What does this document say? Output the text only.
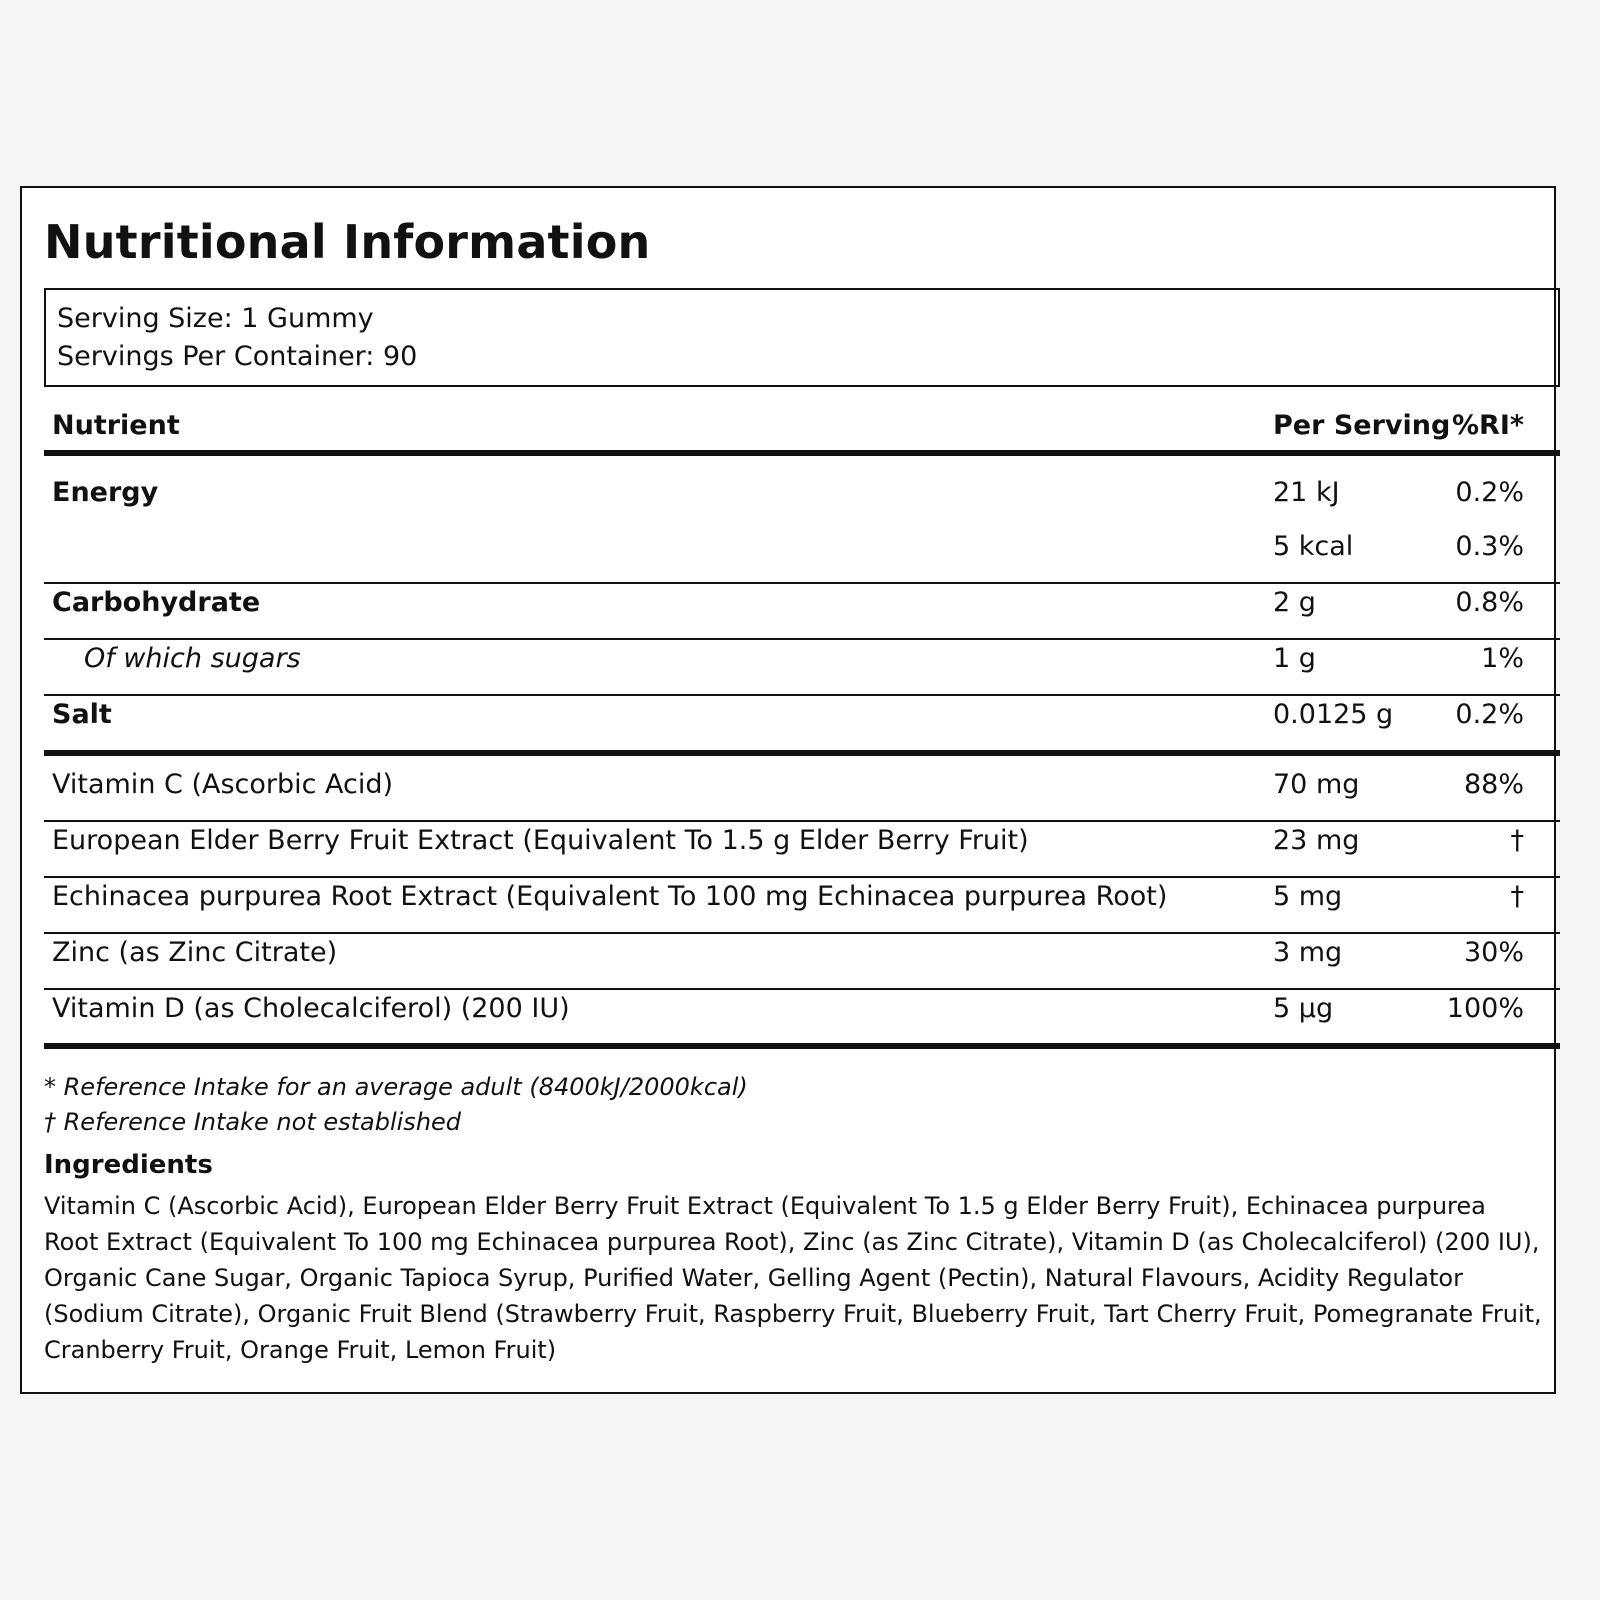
Nutritional Information
Serving Size: 1 Gummy
Servings Per Container: 90
Nutrient	Per Serving %RI*
Energy	21 kJ	0.2%
5 kcal	0.3%
Carbohydrate	2 g	0.8%
Of which sugars	1 g	1%
Salt	0.0125 g 0.2%
Vitamin C (Ascorbic Acid)	70 mg	88%
European Elder Berry Fruit Extract (Equivalent To 1.5 g Elder Berry Fruit)	23 mg	†
Echinacea purpurea Root Extract (Equivalent To 100 mg Echinacea purpurea Root)	5 mg	†
Zinc (as Zinc Citrate)	3 mg	30%
Vitamin D (as Cholecalciferol) (200 IU)	5 µg	100%
* Reference Intake for an average adult (8400kJ/2000kcal)
† Reference Intake not established
Ingredients
Vitamin C (Ascorbic Acid), European Elder Berry Fruit Extract (Equivalent To 1.5 g Elder Berry Fruit), Echinacea purpurea Root Extract (Equivalent To 100 mg Echinacea purpurea Root), Zinc (as Zinc Citrate), Vitamin D (as Cholecalciferol) (200 IU), Organic Cane Sugar, Organic Tapioca Syrup, Purified Water, Gelling Agent (Pectin), Natural Flavours, Acidity Regulator (Sodium Citrate), Organic Fruit Blend (Strawberry Fruit, Raspberry Fruit, Blueberry Fruit, Tart Cherry Fruit, Pomegranate Fruit, Cranberry Fruit, Orange Fruit, Lemon Fruit)
